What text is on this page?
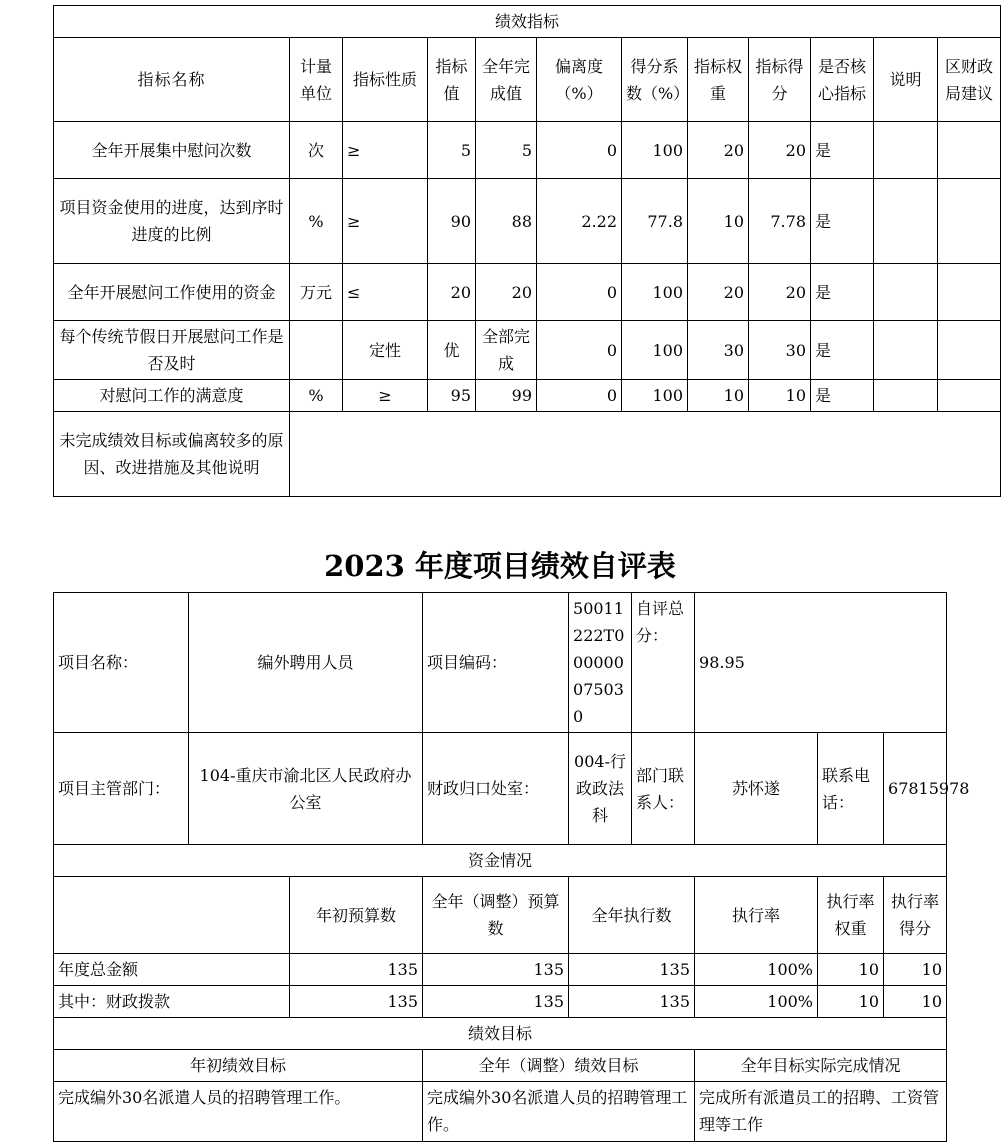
绩效指标											
指标名称	计量单位	指标性质	指标值	全年完成值	偏离度（%）	得分系数（%）	指标权重	指标得分	是否核心指标	说明	区财政局建议
全年开展集中慰问次数	次	≥	5	5	0	100	20	20	是		
项目资金使用的进度，达到序时进度的比例	%	≥	90	88	2.22	77.8	10	7.78	是		
全年开展慰问工作使用的资金	万元	≤	20	20	0	100	20	20	是		
每个传统节假日开展慰问工作是否及时		定性	优	全部完成	0	100	30	30	是		
对慰问工作的满意度	%	≥	95	99	0	100	10	10	是		
未完成绩效目标或偏离较多的原因、改进措施及其他说明											
2023 年度项目绩效自评表
项目名称：	编外聘用人员		项目编码：	50011222T000000075030	自评总分：	98.95		
项目主管部门：	104-重庆市渝北区人民政府办公室		财政归口处室：	004-行政政法科	部门联系人：	苏怀遂	联系电话：	67815978
资金情况								
		年初预算数	全年（调整）预算数	全年执行数		执行率	执行率权重	执行率得分
年度总金额		135	135	135		100%	10	10
其中：财政拨款		135	135	135		100%	10	10
绩效目标								
年初绩效目标			全年（调整）绩效目标			全年目标实际完成情况		
完成编外30名派遣人员的招聘管理工作。			完成编外30名派遣人员的招聘管理工作。			完成所有派遣员工的招聘、工资管理等工作		
